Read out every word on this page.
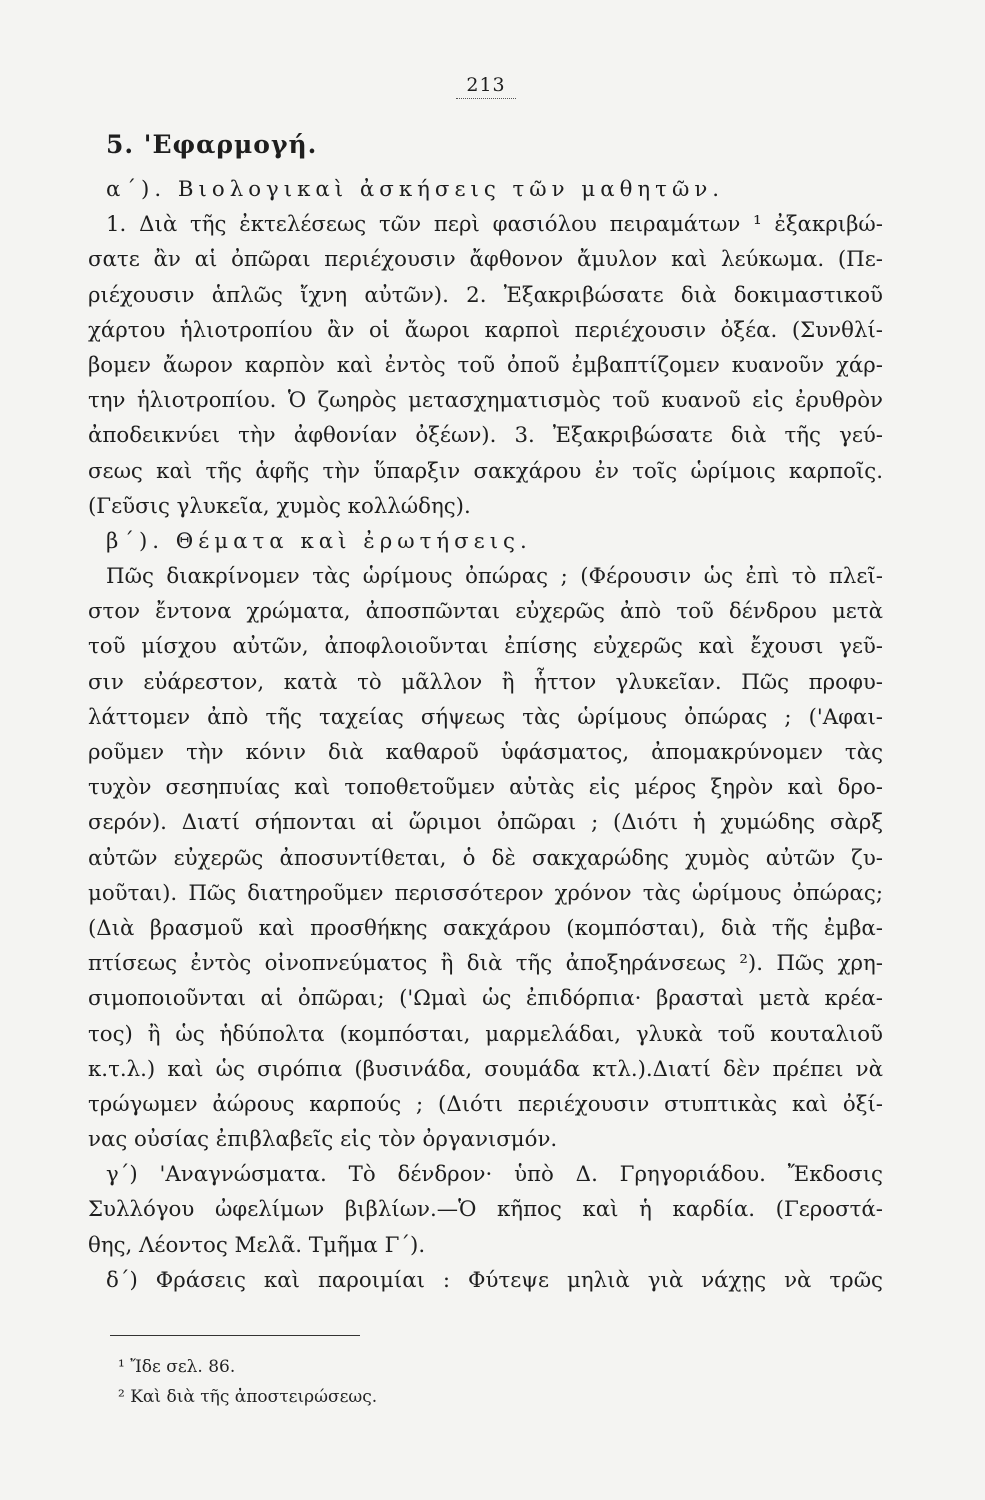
213
5. 'Εφαρμογή.
α΄). Βιολογικαὶ ἀσκήσεις τῶν μαθητῶν.
1. Διὰ τῆς ἐκτελέσεως τῶν περὶ φασιόλου πειραμάτων ¹ ἐξακριβώ-
σατε ἂν αἱ ὀπῶραι περιέχουσιν ἄφθονον ἄμυλον καὶ λεύκωμα. (Πε-
ριέχουσιν ἁπλῶς ἴχνη αὐτῶν). 2. Ἐξακριβώσατε διὰ δοκιμαστικοῦ
χάρτου ἡλιοτροπίου ἂν οἱ ἄωροι καρποὶ περιέχουσιν ὀξέα. (Συνθλί-
βομεν ἄωρον καρπὸν καὶ ἐντὸς τοῦ ὀποῦ ἐμβαπτίζομεν κυανοῦν χάρ-
την ἡλιοτροπίου. Ὁ ζωηρὸς μετασχηματισμὸς τοῦ κυανοῦ εἰς ἐρυθρὸν
ἀποδεικνύει τὴν ἀφθονίαν ὀξέων). 3. Ἐξακριβώσατε διὰ τῆς γεύ-
σεως καὶ τῆς ἁφῆς τὴν ὕπαρξιν σακχάρου ἐν τοῖς ὡρίμοις καρποῖς.
(Γεῦσις γλυκεῖα, χυμὸς κολλώδης).
β΄). Θέματα καὶ ἐρωτήσεις.
Πῶς διακρίνομεν τὰς ὡρίμους ὀπώρας ; (Φέρουσιν ὡς ἐπὶ τὸ πλεῖ-
στον ἔντονα χρώματα, ἀποσπῶνται εὐχερῶς ἀπὸ τοῦ δένδρου μετὰ
τοῦ μίσχου αὐτῶν, ἀποφλοιοῦνται ἐπίσης εὐχερῶς καὶ ἔχουσι γεῦ-
σιν εὐάρεστον, κατὰ τὸ μᾶλλον ἢ ἧττον γλυκεῖαν. Πῶς προφυ-
λάττομεν ἀπὸ τῆς ταχείας σήψεως τὰς ὡρίμους ὀπώρας ; ('Αφαι-
ροῦμεν τὴν κόνιν διὰ καθαροῦ ὑφάσματος, ἀπομακρύνομεν τὰς
τυχὸν σεσηπυίας καὶ τοποθετοῦμεν αὐτὰς εἰς μέρος ξηρὸν καὶ δρο-
σερόν). Διατί σήπονται αἱ ὥριμοι ὀπῶραι ; (Διότι ἡ χυμώδης σὰρξ
αὐτῶν εὐχερῶς ἀποσυντίθεται, ὁ δὲ σακχαρώδης χυμὸς αὐτῶν ζυ-
μοῦται). Πῶς διατηροῦμεν περισσότερον χρόνον τὰς ὡρίμους ὀπώρας;
(Διὰ βρασμοῦ καὶ προσθήκης σακχάρου (κομπόσται), διὰ τῆς ἐμβα-
πτίσεως ἐντὸς οἰνοπνεύματος ἢ διὰ τῆς ἀποξηράνσεως ²). Πῶς χρη-
σιμοποιοῦνται αἱ ὀπῶραι; ('Ωμαὶ ὡς ἐπιδόρπια· βρασταὶ μετὰ κρέα-
τος) ἢ ὡς ἡδύπολτα (κομπόσται, μαρμελάδαι, γλυκὰ τοῦ κουταλιοῦ
κ.τ.λ.) καὶ ὡς σιρόπια (βυσινάδα, σουμάδα κτλ.).Διατί δὲν πρέπει νὰ
τρώγωμεν ἀώρους καρπούς ; (Διότι περιέχουσιν στυπτικὰς καὶ ὀξί-
νας οὐσίας ἐπιβλαβεῖς εἰς τὸν ὀργανισμόν.
γ΄) 'Αναγνώσματα. Τὸ δένδρον· ὑπὸ Δ. Γρηγοριάδου. Ἔκδοσις
Συλλόγου ὠφελίμων βιβλίων.—Ὁ κῆπος καὶ ἡ καρδία. (Γεροστά-
θης, Λέοντος Μελᾶ. Τμῆμα Γ΄).
δ΄) Φράσεις καὶ παροιμίαι : Φύτεψε μηλιὰ γιὰ νάχῃς νὰ τρῶς
¹ Ἴδε σελ. 86.
² Καὶ διὰ τῆς ἀποστειρώσεως.
